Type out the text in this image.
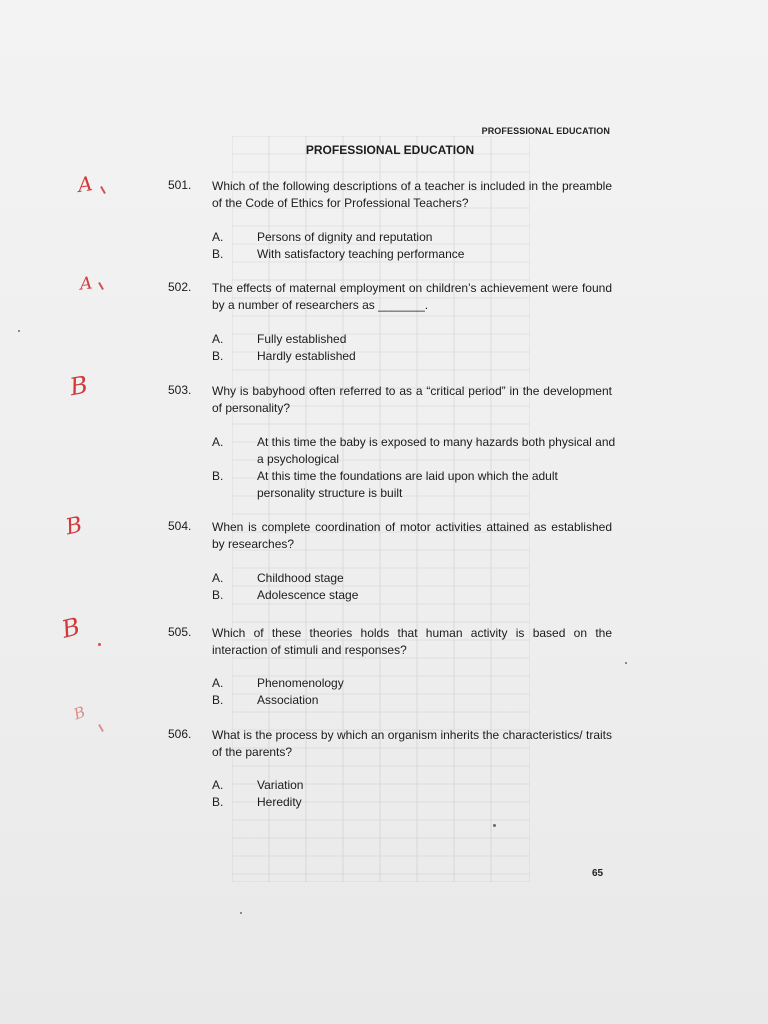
PROFESSIONAL EDUCATION
PROFESSIONAL EDUCATION
501. Which of the following descriptions of a teacher is included in the preamble of the Code of Ethics for Professional Teachers?
A.	Persons of dignity and reputation
B.	With satisfactory teaching performance
502. The effects of maternal employment on children’s achievement were found by a number of researchers as _______.
A.	Fully established
B.	Hardly established
503. Why is babyhood often referred to as a “critical period” in the development of personality?
A.	At this time the baby is exposed to many hazards both physical and a psychological
B.	At this time the foundations are laid upon which the adult personality structure is built
504. When is complete coordination of motor activities attained as established by researches?
A.	Childhood stage
B.	Adolescence stage
505. Which of these theories holds that human activity is based on the interaction of stimuli and responses?
A.	Phenomenology
B.	Association
506. What is the process by which an organism inherits the characteristics/ traits of the parents?
A.	Variation
B.	Heredity
A
A
B
B
B
B
65
